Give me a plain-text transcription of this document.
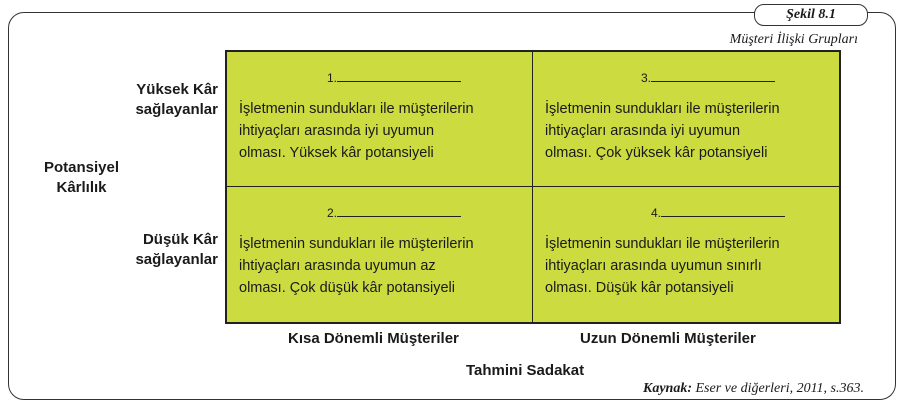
Şekil 8.1
Müşteri İlişki Grupları
Yüksek Kâr
sağlayanlar
Potansiyel
Kârlılık
Düşük Kâr
sağlayanlar
1.
İşletmenin sundukları ile müşterilerin
ihtiyaçları arasında iyi uyumun
olması. Yüksek kâr potansiyeli
3.
İşletmenin sundukları ile müşterilerin
ihtiyaçları arasında iyi uyumun
olması. Çok yüksek kâr potansiyeli
2.
İşletmenin sundukları ile müşterilerin
ihtiyaçları arasında uyumun az
olması. Çok düşük kâr potansiyeli
4.
İşletmenin sundukları ile müşterilerin
ihtiyaçları arasında uyumun sınırlı
olması. Düşük kâr potansiyeli
Kısa Dönemli Müşteriler	Uzun Dönemli Müşteriler
Tahmini Sadakat
Kaynak: Eser ve diğerleri, 2011, s.363.
